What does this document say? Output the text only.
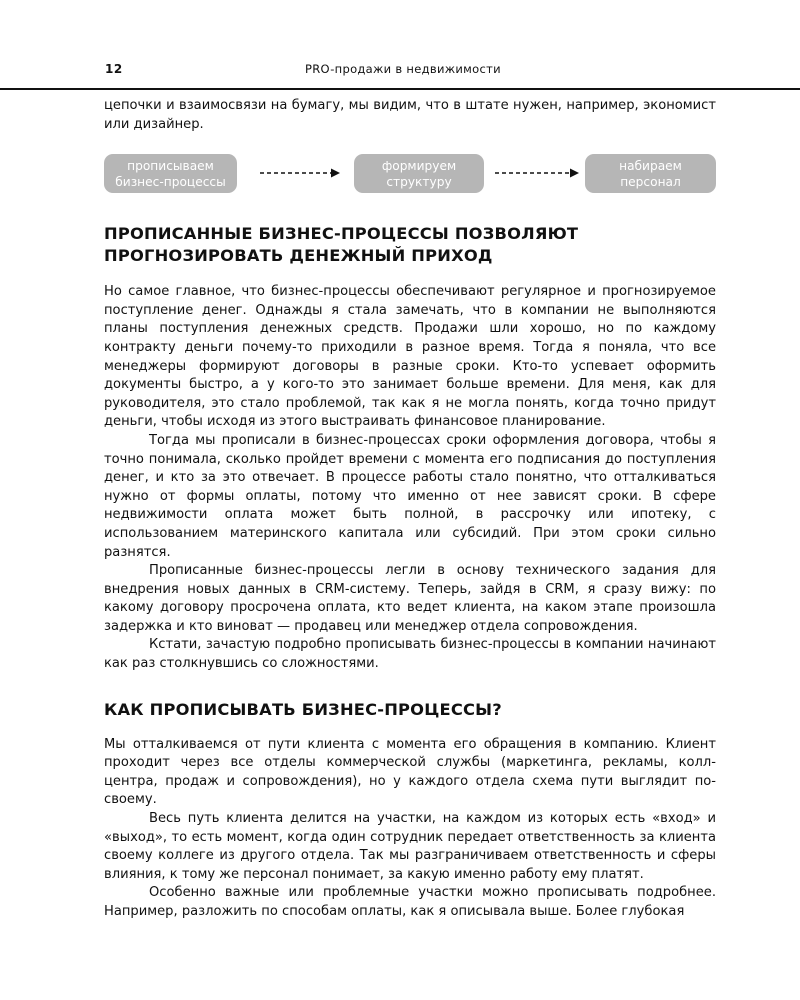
12	PRO-продажи в недвижимости

цепочки и взаимосвязи на бумагу, мы видим, что в штате нужен, например, экономист или дизайнер.

прописываем
бизнес-процессы
формируем
структуру
набираем
персонал
ПРОПИСАННЫЕ БИЗНЕС-ПРОЦЕССЫ ПОЗВОЛЯЮТ
ПРОГНОЗИРОВАТЬ ДЕНЕЖНЫЙ ПРИХОД

Но самое главное, что бизнес-процессы обеспечивают регулярное и прогнозируемое поступление денег. Однажды я стала замечать, что в компании не выполняются планы поступления денежных средств. Продажи шли хорошо, но по каждому контракту деньги почему-то приходили в разное время. Тогда я поняла, что все менеджеры формируют договоры в разные сроки. Кто-то успевает оформить документы быстро, а у кого-то это занимает больше времени. Для меня, как для руководителя, это стало проблемой, так как я не могла понять, когда точно придут деньги, чтобы исходя из этого выстраивать финансовое планирование.

Тогда мы прописали в бизнес-процессах сроки оформления договора, чтобы я точно понимала, сколько пройдет времени с момента его подписания до поступления денег, и кто за это отвечает. В процессе работы стало понятно, что отталкиваться нужно от формы оплаты, потому что именно от нее зависят сроки. В сфере недвижимости оплата может быть полной, в рассрочку или ипотеку, с использованием материнского капитала или субсидий. При этом сроки сильно разнятся.

Прописанные бизнес-процессы легли в основу технического задания для внедрения новых данных в CRM-систему. Теперь, зайдя в CRM, я сразу вижу: по какому договору просрочена оплата, кто ведет клиента, на каком этапе произошла задержка и кто виноват — продавец или менеджер отдела сопровождения.

Кстати, зачастую подробно прописывать бизнес-процессы в компании начинают как раз столкнувшись со сложностями.

КАК ПРОПИСЫВАТЬ БИЗНЕС-ПРОЦЕССЫ?

Мы отталкиваемся от пути клиента с момента его обращения в компанию. Клиент проходит через все отделы коммерческой службы (маркетинга, рекламы, колл-центра, продаж и сопровождения), но у каждого отдела схема пути выглядит по-своему.

Весь путь клиента делится на участки, на каждом из которых есть «вход» и «выход», то есть момент, когда один сотрудник передает ответственность за клиента своему коллеге из другого отдела. Так мы разграничиваем ответственность и сферы влияния, к тому же персонал понимает, за какую именно работу ему платят.

Особенно важные или проблемные участки можно прописывать подробнее. Например, разложить по способам оплаты, как я описывала выше. Более глубокая
